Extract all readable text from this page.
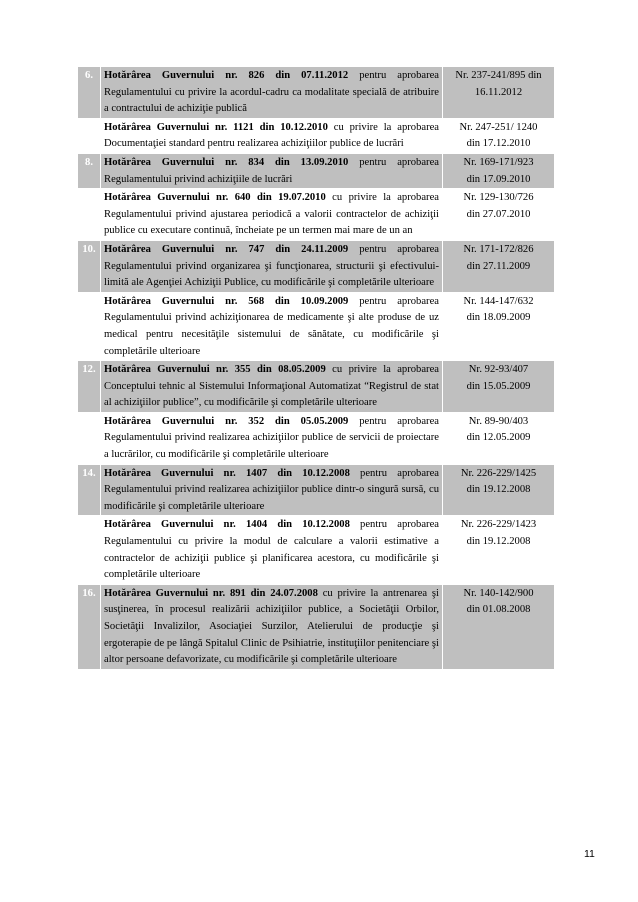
6.	Hotărârea Guvernului nr. 826 din 07.11.2012 pentru aprobarea Regulamentului cu privire la acordul-cadru ca modalitate specială de atribuire a contractului de achiziţie publică	Nr. 237-241/895 din
16.11.2012
7.	Hotărârea Guvernului nr. 1121 din 10.12.2010 cu privire la aprobarea Documentaţiei standard pentru realizarea achiziţiilor publice de lucrări	Nr. 247-251/ 1240
din 17.12.2010
8.	Hotărârea Guvernului nr. 834 din 13.09.2010 pentru aprobarea Regulamentului privind achiziţiile de lucrări	Nr. 169-171/923
din 17.09.2010
9.	Hotărârea Guvernului nr. 640 din 19.07.2010 cu privire la aprobarea Regulamentului privind ajustarea periodică a valorii contractelor de achiziţii publice cu executare continuă, încheiate pe un termen mai mare de un an	Nr. 129-130/726
din 27.07.2010
10.	Hotărârea Guvernului nr. 747 din 24.11.2009 pentru aprobarea Regulamentului privind organizarea şi funcţionarea, structurii şi efectivului-limită ale Agenţiei Achiziţii Publice, cu modificările şi completările ulterioare	Nr. 171-172/826
din 27.11.2009
11.	Hotărârea Guvernului nr. 568 din 10.09.2009 pentru aprobarea Regulamentului privind achiziţionarea de medicamente şi alte produse de uz medical pentru necesităţile sistemului de sănătate, cu modificările şi completările ulterioare	Nr. 144-147/632
din 18.09.2009
12.	Hotărârea Guvernului nr. 355 din 08.05.2009 cu privire la aprobarea Conceptului tehnic al Sistemului Informaţional Automatizat “Registrul de stat al achiziţiilor publice”, cu modificările şi completările ulterioare	Nr. 92-93/407
din 15.05.2009
13.	Hotărârea Guvernului nr. 352 din 05.05.2009 pentru aprobarea Regulamentului privind realizarea achiziţiilor publice de servicii de proiectare a lucrărilor, cu modificările şi completările ulterioare	Nr. 89-90/403
din 12.05.2009
14.	Hotărârea Guvernului nr. 1407 din 10.12.2008 pentru aprobarea Regulamentului privind realizarea achiziţiilor publice dintr-o singură sursă, cu modificările şi completările ulterioare	Nr. 226-229/1425
din 19.12.2008
15.	Hotărârea Guvernului nr. 1404 din 10.12.2008 pentru aprobarea Regulamentului cu privire la modul de calculare a valorii estimative a contractelor de achiziţii publice şi planificarea acestora, cu modificările şi completările ulterioare	Nr. 226-229/1423
din 19.12.2008
16.	Hotărârea Guvernului nr. 891 din 24.07.2008 cu privire la antrenarea şi susţinerea, în procesul realizării achiziţiilor publice, a Societăţii Orbilor, Societăţii Invalizilor, Asociaţiei Surzilor, Atelierului de producţie şi ergoterapie de pe lângă Spitalul Clinic de Psihiatrie, instituţiilor penitenciare şi altor persoane defavorizate, cu modificările şi completările ulterioare	Nr. 140-142/900
din 01.08.2008
11
